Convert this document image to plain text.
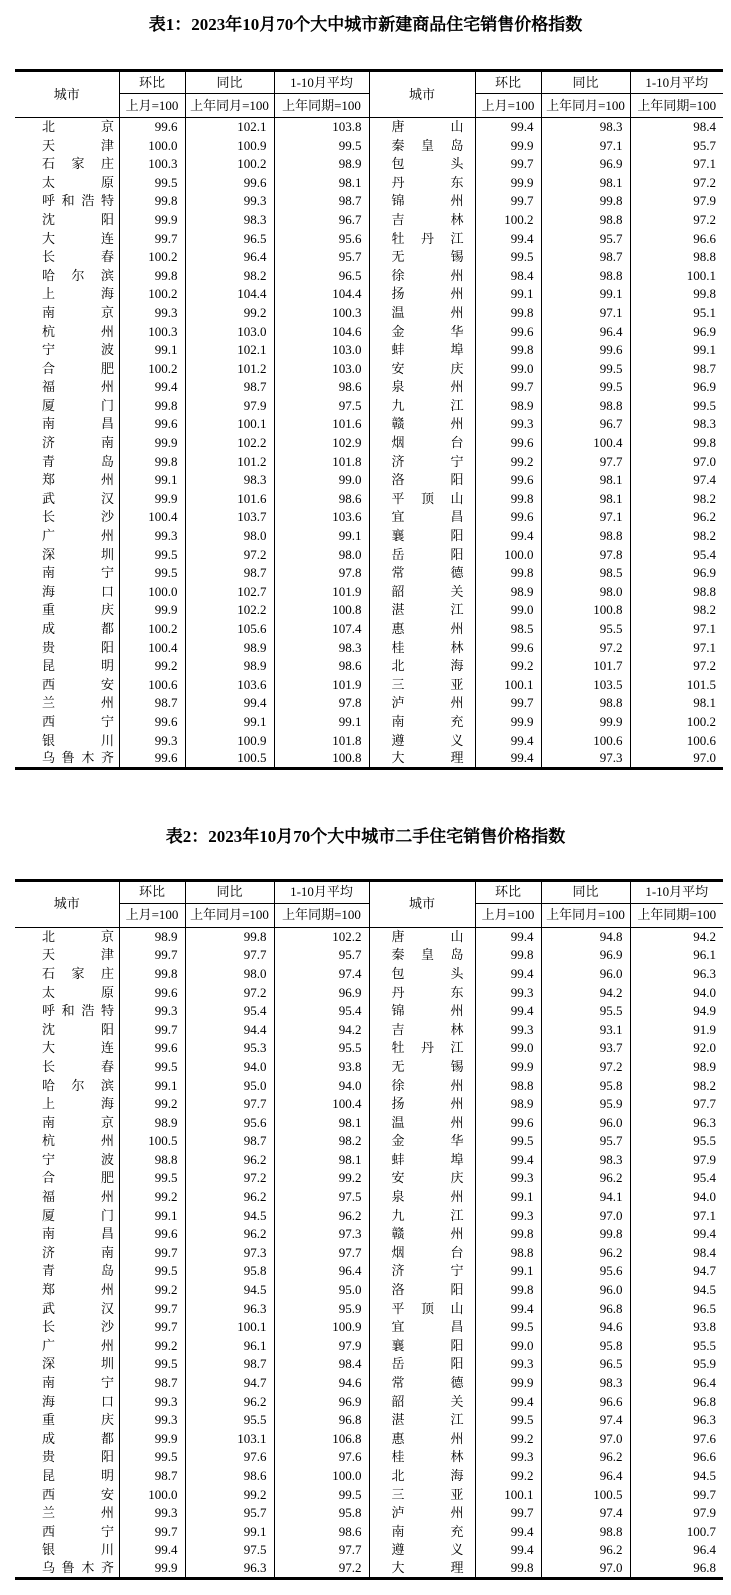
表1：2023年10月70个大中城市新建商品住宅销售价格指数
城市	环比	同比	1-10月平均	城市	环比	同比	1-10月平均
	上月=100	上年同月=100	上年同期=100		上月=100	上年同月=100	上年同期=100

北 京	99.6	102.1	103.8	唐 山	99.4	98.3	98.4

天 津	100.0	100.9	99.5	秦 皇 岛	99.9	97.1	95.7

石 家 庄	100.3	100.2	98.9	包 头	99.7	96.9	97.1

太 原	99.5	99.6	98.1	丹 东	99.9	98.1	97.2

呼 和 浩 特	99.8	99.3	98.7	锦 州	99.7	99.8	97.9

沈 阳	99.9	98.3	96.7	吉 林	100.2	98.8	97.2

大 连	99.7	96.5	95.6	牡 丹 江	99.4	95.7	96.6

长 春	100.2	96.4	95.7	无 锡	99.5	98.7	98.8

哈 尔 滨	99.8	98.2	96.5	徐 州	98.4	98.8	100.1

上 海	100.2	104.4	104.4	扬 州	99.1	99.1	99.8

南 京	99.3	99.2	100.3	温 州	99.8	97.1	95.1

杭 州	100.3	103.0	104.6	金 华	99.6	96.4	96.9

宁 波	99.1	102.1	103.0	蚌 埠	99.8	99.6	99.1

合 肥	100.2	101.2	103.0	安 庆	99.0	99.5	98.7

福 州	99.4	98.7	98.6	泉 州	99.7	99.5	96.9

厦 门	99.8	97.9	97.5	九 江	98.9	98.8	99.5

南 昌	99.6	100.1	101.6	赣 州	99.3	96.7	98.3

济 南	99.9	102.2	102.9	烟 台	99.6	100.4	99.8

青 岛	99.8	101.2	101.8	济 宁	99.2	97.7	97.0

郑 州	99.1	98.3	99.0	洛 阳	99.6	98.1	97.4

武 汉	99.9	101.6	98.6	平 顶 山	99.8	98.1	98.2

长 沙	100.4	103.7	103.6	宜 昌	99.6	97.1	96.2

广 州	99.3	98.0	99.1	襄 阳	99.4	98.8	98.2

深 圳	99.5	97.2	98.0	岳 阳	100.0	97.8	95.4

南 宁	99.5	98.7	97.8	常 德	99.8	98.5	96.9

海 口	100.0	102.7	101.9	韶 关	98.9	98.0	98.8

重 庆	99.9	102.2	100.8	湛 江	99.0	100.8	98.2

成 都	100.2	105.6	107.4	惠 州	98.5	95.5	97.1

贵 阳	100.4	98.9	98.3	桂 林	99.6	97.2	97.1

昆 明	99.2	98.9	98.6	北 海	99.2	101.7	97.2

西 安	100.6	103.6	101.9	三 亚	100.1	103.5	101.5

兰 州	98.7	99.4	97.8	泸 州	99.7	98.8	98.1

西 宁	99.6	99.1	99.1	南 充	99.9	99.9	100.2

银 川	99.3	100.9	101.8	遵 义	99.4	100.6	100.6

乌 鲁 木 齐	99.6	100.5	100.8	大 理	99.4	97.3	97.0
表2：2023年10月70个大中城市二手住宅销售价格指数
城市	环比	同比	1-10月平均	城市	环比	同比	1-10月平均
	上月=100	上年同月=100	上年同期=100		上月=100	上年同月=100	上年同期=100

北 京	98.9	99.8	102.2	唐 山	99.4	94.8	94.2

天 津	99.7	97.7	95.7	秦 皇 岛	99.8	96.9	96.1

石 家 庄	99.8	98.0	97.4	包 头	99.4	96.0	96.3

太 原	99.6	97.2	96.9	丹 东	99.3	94.2	94.0

呼 和 浩 特	99.3	95.4	95.4	锦 州	99.4	95.5	94.9

沈 阳	99.7	94.4	94.2	吉 林	99.3	93.1	91.9

大 连	99.6	95.3	95.5	牡 丹 江	99.0	93.7	92.0

长 春	99.5	94.0	93.8	无 锡	99.9	97.2	98.9

哈 尔 滨	99.1	95.0	94.0	徐 州	98.8	95.8	98.2

上 海	99.2	97.7	100.4	扬 州	98.9	95.9	97.7

南 京	98.9	95.6	98.1	温 州	99.6	96.0	96.3

杭 州	100.5	98.7	98.2	金 华	99.5	95.7	95.5

宁 波	98.8	96.2	98.1	蚌 埠	99.4	98.3	97.9

合 肥	99.5	97.2	99.2	安 庆	99.3	96.2	95.4

福 州	99.2	96.2	97.5	泉 州	99.1	94.1	94.0

厦 门	99.1	94.5	96.2	九 江	99.3	97.0	97.1

南 昌	99.6	96.2	97.3	赣 州	99.8	99.8	99.4

济 南	99.7	97.3	97.7	烟 台	98.8	96.2	98.4

青 岛	99.5	95.8	96.4	济 宁	99.1	95.6	94.7

郑 州	99.2	94.5	95.0	洛 阳	99.8	96.0	94.5

武 汉	99.7	96.3	95.9	平 顶 山	99.4	96.8	96.5

长 沙	99.7	100.1	100.9	宜 昌	99.5	94.6	93.8

广 州	99.2	96.1	97.9	襄 阳	99.0	95.8	95.5

深 圳	99.5	98.7	98.4	岳 阳	99.3	96.5	95.9

南 宁	98.7	94.7	94.6	常 德	99.9	98.3	96.4

海 口	99.3	96.2	96.9	韶 关	99.4	96.6	96.8

重 庆	99.3	95.5	96.8	湛 江	99.5	97.4	96.3

成 都	99.9	103.1	106.8	惠 州	99.2	97.0	97.6

贵 阳	99.5	97.6	97.6	桂 林	99.3	96.2	96.6

昆 明	98.7	98.6	100.0	北 海	99.2	96.4	94.5

西 安	100.0	99.2	99.5	三 亚	100.1	100.5	99.7

兰 州	99.3	95.7	95.8	泸 州	99.7	97.4	97.9

西 宁	99.7	99.1	98.6	南 充	99.4	98.8	100.7

银 川	99.4	97.5	97.7	遵 义	99.4	96.2	96.4

乌 鲁 木 齐	99.9	96.3	97.2	大 理	99.8	97.0	96.8
